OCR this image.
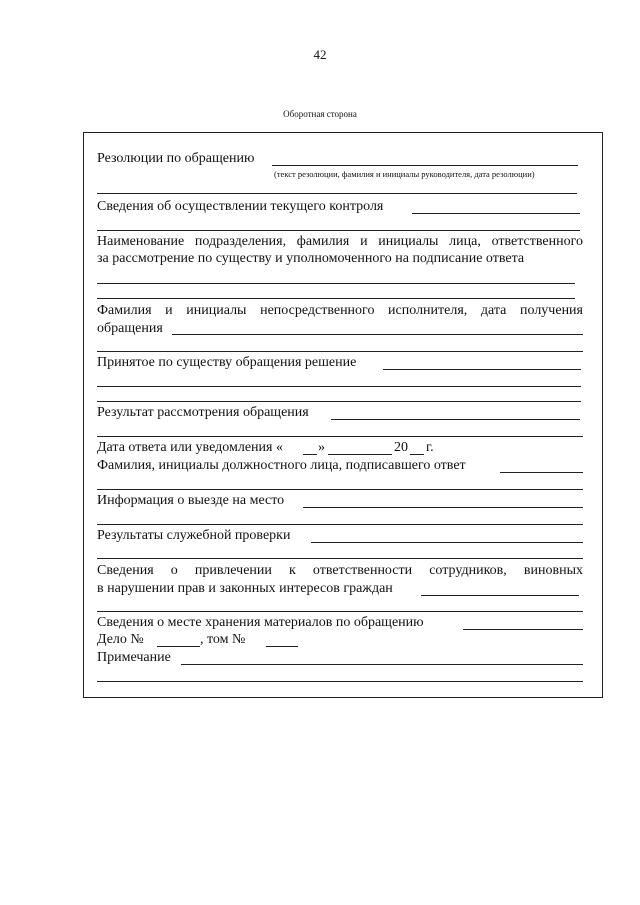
42
Оборотная сторона
Резолюции по обращению
(текст резолюции, фамилия и инициалы руководителя, дата резолюции)
Сведения об осуществлении текущего контроля
Наименование подразделения, фамилия и инициалы лица, ответственного
за рассмотрение по существу и уполномоченного на подписание ответа
Фамилия и инициалы непосредственного исполнителя, дата получения
обращения
Принятое по существу обращения решение
Результат рассмотрения обращения
Дата ответа или уведомления «	»	20 г.
Фамилия, инициалы должностного лица, подписавшего ответ
Информация о выезде на место
Результаты служебной проверки
Сведения о привлечении к ответственности сотрудников, виновных
в нарушении прав и законных интересов граждан
Сведения о месте хранения материалов по обращению
Дело №	, том №
Примечание
